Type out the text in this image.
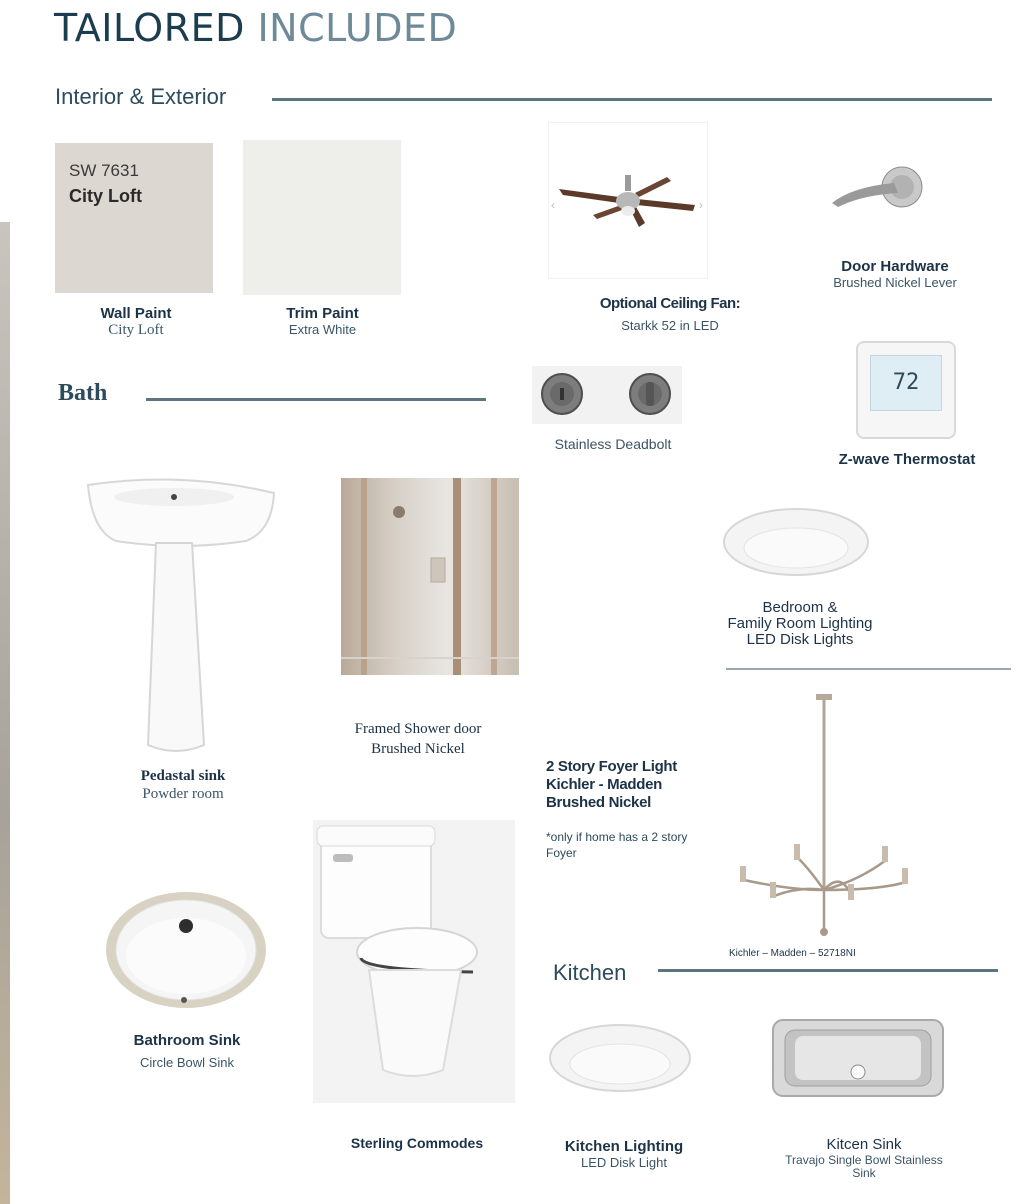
TAILORED INCLUDED
Interior & Exterior
SW 7631
City Loft
Wall Paint
City Loft
Trim Paint
Extra White
‹	›
Optional Ceiling Fan:
Starkk 52 in LED
Door Hardware
Brushed Nickel Lever
Bath
Stainless Deadbolt
72
Z-wave Thermostat
Bedroom &
Family Room Lighting
LED Disk Lights
Pedastal sink
Powder room
Framed Shower door
Brushed Nickel
2 Story Foyer Light
Kichler - Madden
Brushed Nickel
*only if home has a 2 story
Foyer
Kichler – Madden – 52718NI
Kitchen
Bathroom Sink
Circle Bowl Sink
Sterling Commodes	Kitchen Lighting
LED Disk Light
Kitcen Sink
Travajo Single Bowl Stainless
Sink
